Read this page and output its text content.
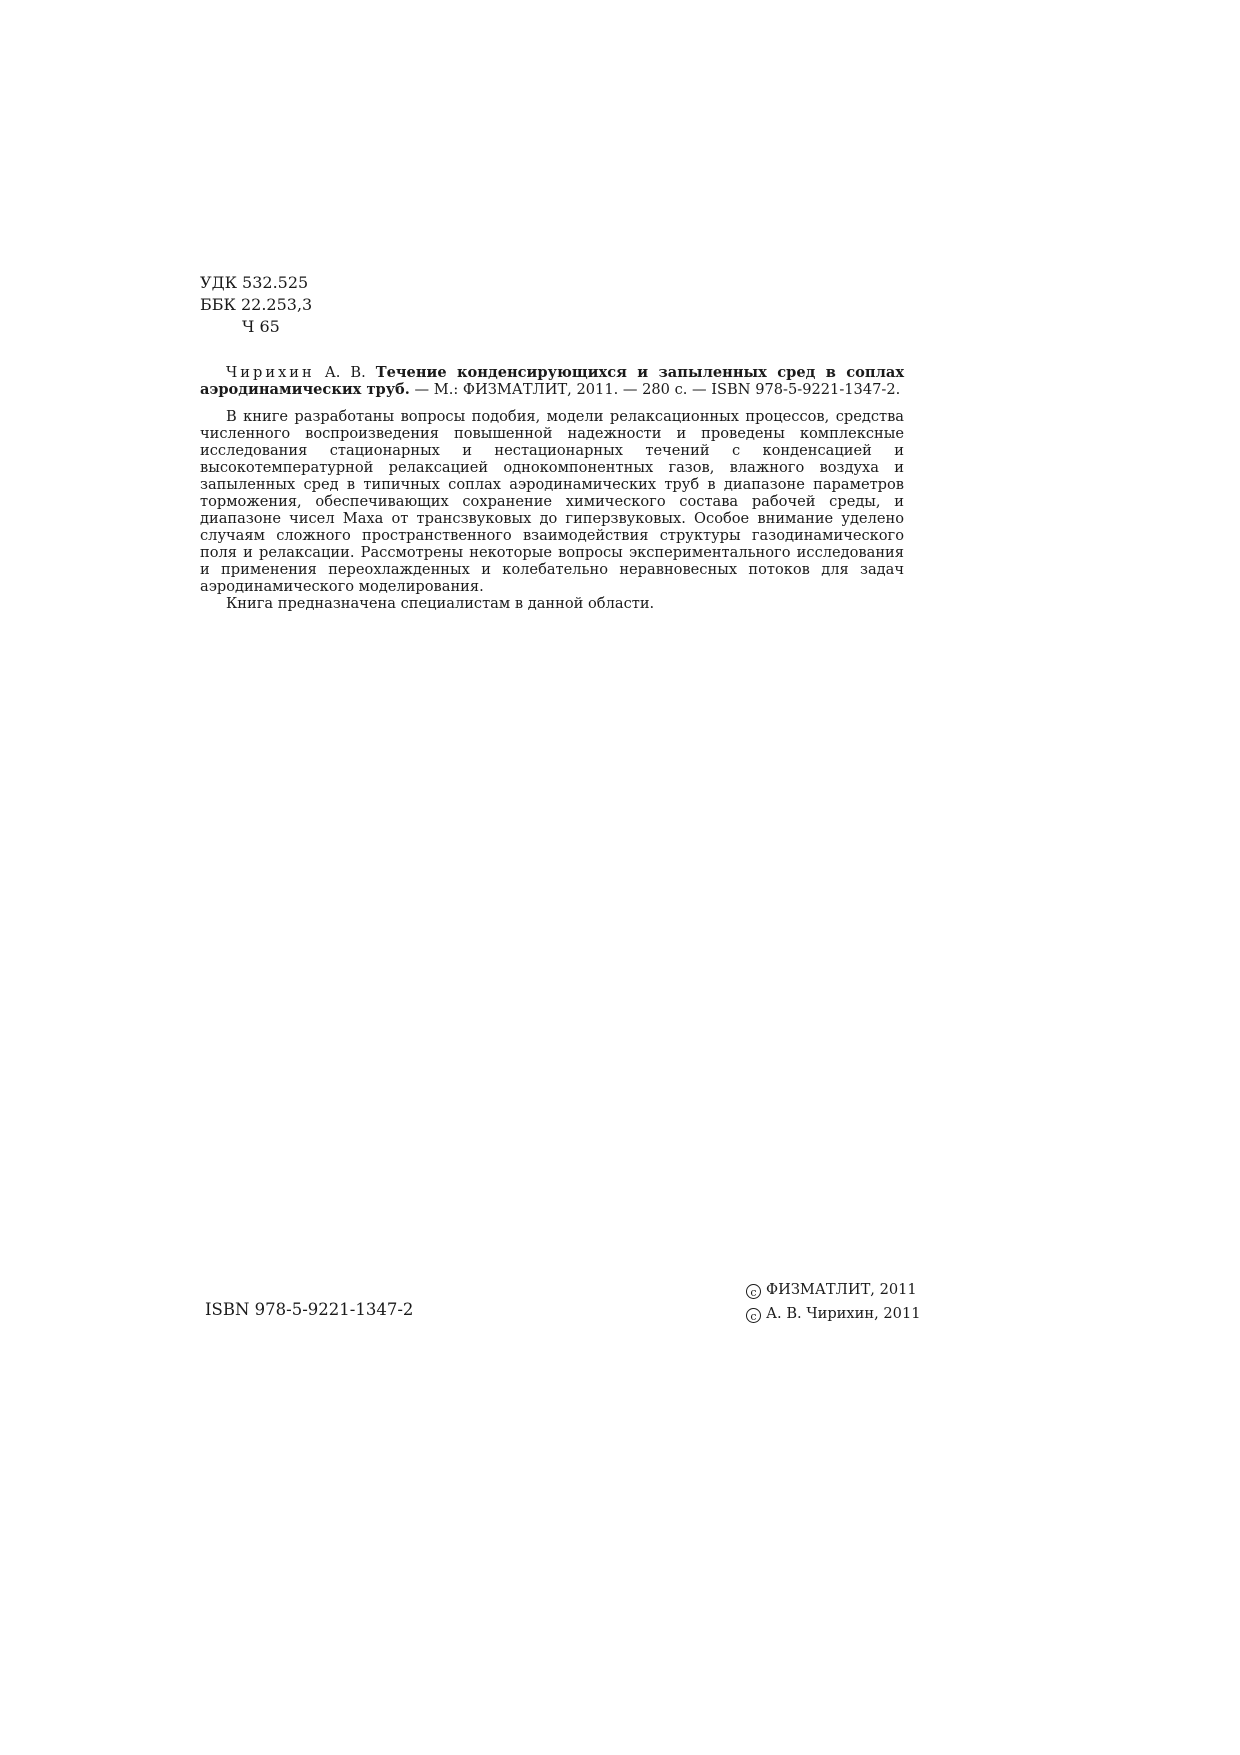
УДК 532.525
ББК 22.253,3
Ч 65

Чирихин А. В. Течение конденсирующихся и запыленных сред в соплах аэродинамических труб. — М.: ФИЗМАТЛИТ, 2011. — 280 с. — ISBN 978-5-9221-1347-2.

В книге разработаны вопросы подобия, модели релаксационных процессов, средства численного воспроизведения повышенной надежности и проведены комплексные исследования стационарных и нестационарных течений с конденсацией и высокотемпературной релаксацией однокомпонентных газов, влажного воздуха и запыленных сред в типичных соплах аэродинамических труб в диапазоне параметров торможения, обеспечивающих сохранение химического состава рабочей среды, и диапазоне чисел Маха от трансзвуковых до гиперзвуковых. Особое внимание уделено случаям сложного пространственного взаимодействия структуры газодинамического поля и релаксации. Рассмотрены некоторые вопросы экспериментального исследования и применения переохлажденных и колебательно неравновесных потоков для задач аэродинамического моделирования.

Книга предназначена специалистам в данной области.

ISBN 978-5-9221-1347-2
c ФИЗМАТЛИТ, 2011
c А. В. Чирихин, 2011
